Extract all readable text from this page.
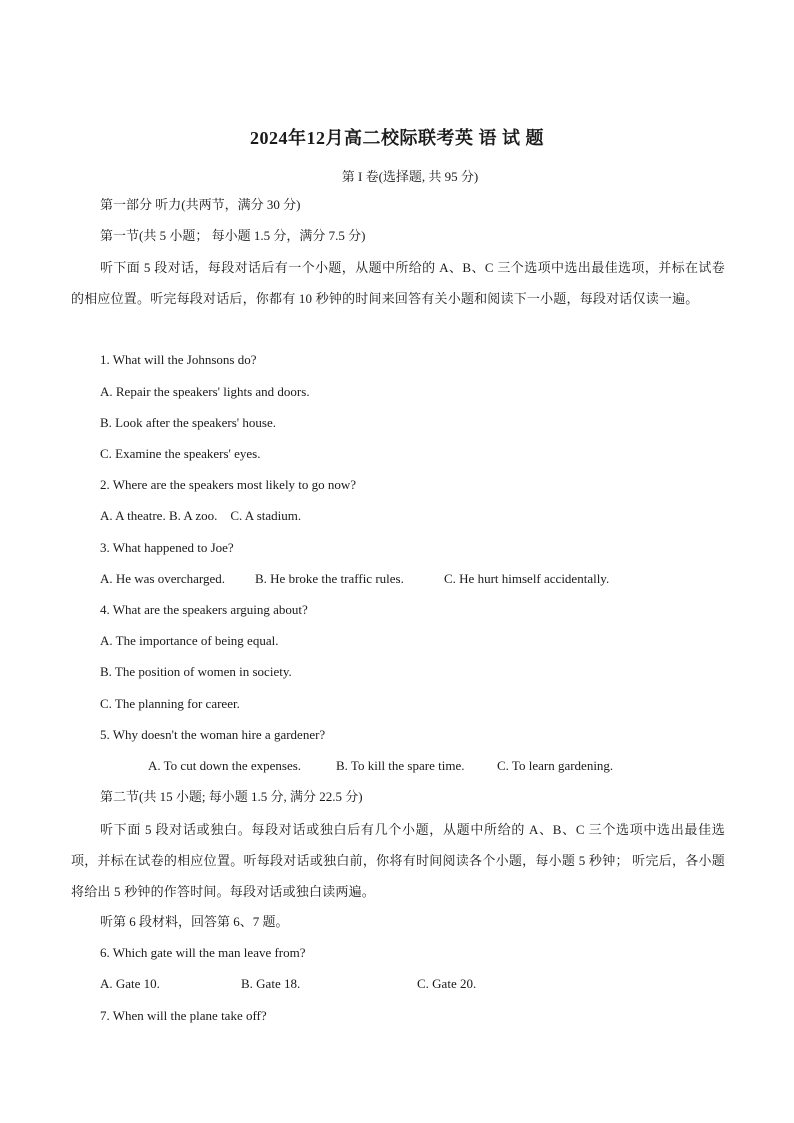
2024年12月高二校际联考英 语 试 题
第 I 卷(选择题, 共 95 分)
第一部分 听力(共两节，满分 30 分)
第一节(共 5 小题； 每小题 1.5 分，满分 7.5 分)
听下面 5 段对话，每段对话后有一个小题，从题中所给的 A、B、C 三个选项中选出最佳选项，并标在试卷的相应位置。听完每段对话后，你都有 10 秒钟的时间来回答有关小题和阅读下一小题，每段对话仅读一遍。
1. What will the Johnsons do?
A. Repair the speakers' lights and doors.
B. Look after the speakers' house.
C. Examine the speakers' eyes.
2. Where are the speakers most likely to go now?
A. A theatre. B. A zoo.    C. A stadium.
3. What happened to Joe?
A. He was overcharged. B. He broke the traffic rules.	C. He hurt himself accidentally.
4. What are the speakers arguing about?
A. The importance of being equal.
B. The position of women in society.
C. The planning for career.
5. Why doesn't the woman hire a gardener?
A. To cut down the expenses.	B. To kill the spare time.	C. To learn gardening.
第二节(共 15 小题; 每小题 1.5 分, 满分 22.5 分)
听下面 5 段对话或独白。每段对话或独白后有几个小题，从题中所给的 A、B、C 三个选项中选出最佳选项，并标在试卷的相应位置。听每段对话或独白前，你将有时间阅读各个小题，每小题 5 秒钟； 听完后，各小题将给出 5 秒钟的作答时间。每段对话或独白读两遍。
听第 6 段材料，回答第 6、7 题。
6. Which gate will the man leave from?
A. Gate 10.	B. Gate 18.	C. Gate 20.
7. When will the plane take off?
